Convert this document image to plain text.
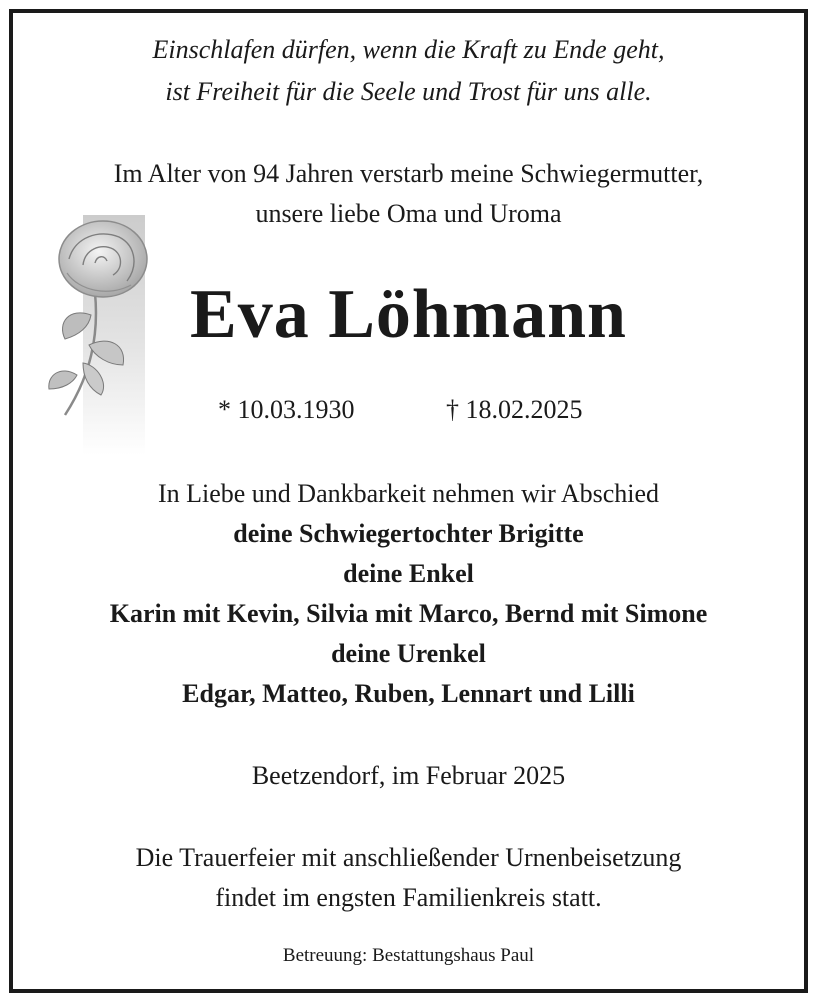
Einschlafen dürfen, wenn die Kraft zu Ende geht,
ist Freiheit für die Seele und Trost für uns alle.
Im Alter von 94 Jahren verstarb meine Schwiegermutter,
unsere liebe Oma und Uroma
Eva Löhmann
* 10.03.1930	† 18.02.2025
In Liebe und Dankbarkeit nehmen wir Abschied
deine Schwiegertochter Brigitte
deine Enkel
Karin mit Kevin, Silvia mit Marco, Bernd mit Simone
deine Urenkel
Edgar, Matteo, Ruben, Lennart und Lilli
Beetzendorf, im Februar 2025
Die Trauerfeier mit anschließender Urnenbeisetzung
findet im engsten Familienkreis statt.
Betreuung: Bestattungshaus Paul
